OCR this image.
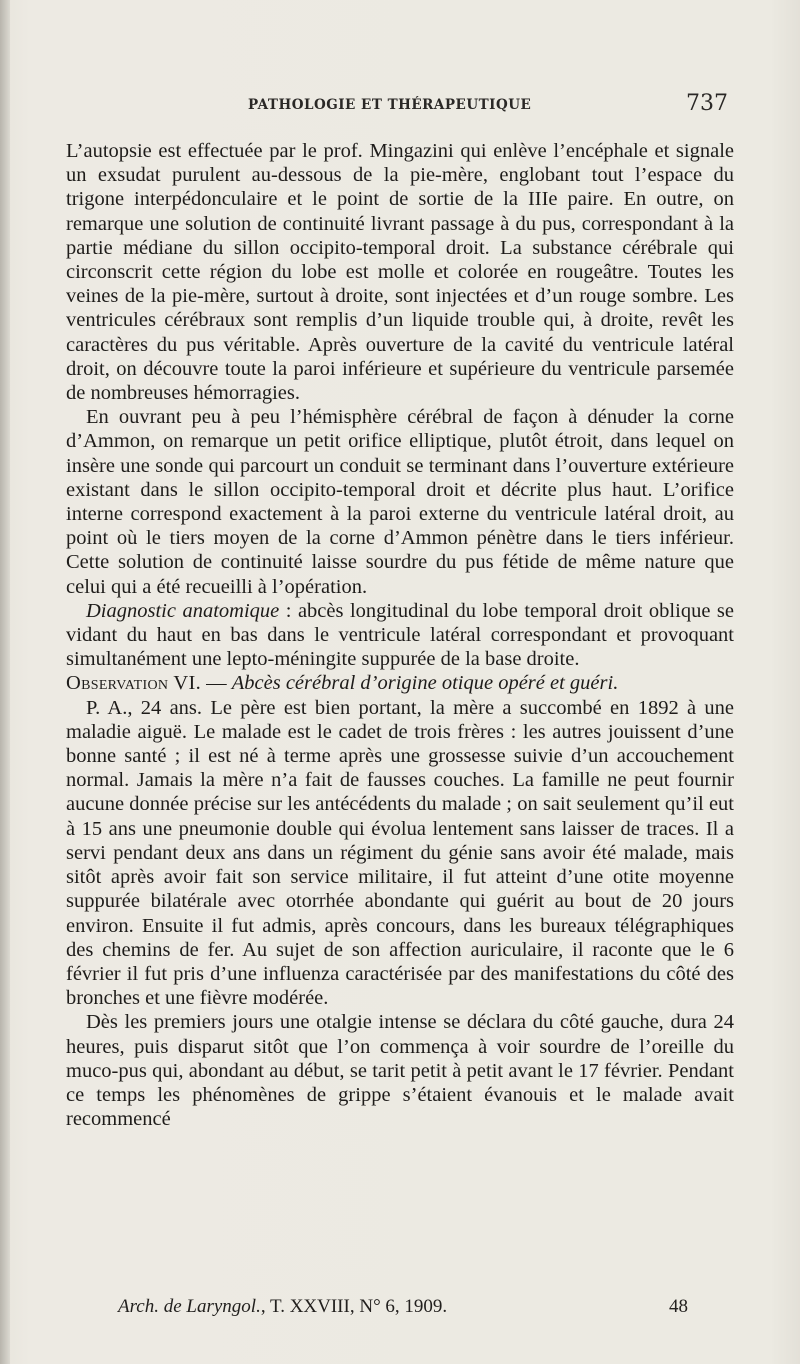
PATHOLOGIE ET THÉRAPEUTIQUE	737

L’autopsie est effectuée par le prof. Mingazini qui enlève l’encéphale et signale un exsudat purulent au-dessous de la pie-mère, englobant tout l’espace du trigone interpédonculaire et le point de sortie de la IIIe paire. En outre, on remarque une solution de continuité livrant passage à du pus, correspondant à la partie médiane du sillon occipito-temporal droit. La substance cérébrale qui circonscrit cette région du lobe est molle et colorée en rougeâtre. Toutes les veines de la pie-mère, surtout à droite, sont injectées et d’un rouge sombre. Les ventricules cérébraux sont remplis d’un liquide trouble qui, à droite, revêt les caractères du pus véritable. Après ouverture de la cavité du ventricule latéral droit, on découvre toute la paroi inférieure et supérieure du ventricule parsemée de nombreuses hémorragies.

En ouvrant peu à peu l’hémisphère cérébral de façon à dénuder la corne d’Ammon, on remarque un petit orifice elliptique, plutôt étroit, dans lequel on insère une sonde qui parcourt un conduit se terminant dans l’ouverture extérieure existant dans le sillon occipito-temporal droit et décrite plus haut. L’orifice interne correspond exactement à la paroi externe du ventricule latéral droit, au point où le tiers moyen de la corne d’Ammon pénètre dans le tiers inférieur. Cette solution de continuité laisse sourdre du pus fétide de même nature que celui qui a été recueilli à l’opération.

Diagnostic anatomique : abcès longitudinal du lobe temporal droit oblique se vidant du haut en bas dans le ventricule latéral correspondant et provoquant simultanément une lepto-méningite suppurée de la base droite.

Observation VI. — Abcès cérébral d’origine otique opéré et guéri.

P. A., 24 ans. Le père est bien portant, la mère a succombé en 1892 à une maladie aiguë. Le malade est le cadet de trois frères : les autres jouissent d’une bonne santé ; il est né à terme après une grossesse suivie d’un accouchement normal. Jamais la mère n’a fait de fausses couches. La famille ne peut fournir aucune donnée précise sur les antécédents du malade ; on sait seulement qu’il eut à 15 ans une pneumonie double qui évolua lentement sans laisser de traces. Il a servi pendant deux ans dans un régiment du génie sans avoir été malade, mais sitôt après avoir fait son service militaire, il fut atteint d’une otite moyenne suppurée bilatérale avec otorrhée abondante qui guérit au bout de 20 jours environ. Ensuite il fut admis, après concours, dans les bureaux télégraphiques des chemins de fer. Au sujet de son affection auriculaire, il raconte que le 6 février il fut pris d’une influenza caractérisée par des manifestations du côté des bronches et une fièvre modérée.

Dès les premiers jours une otalgie intense se déclara du côté gauche, dura 24 heures, puis disparut sitôt que l’on commença à voir sourdre de l’oreille du muco-pus qui, abondant au début, se tarit petit à petit avant le 17 février. Pendant ce temps les phénomènes de grippe s’étaient évanouis et le malade avait recommencé

Arch. de Laryngol., T. XXVIII, N° 6, 1909.	48
